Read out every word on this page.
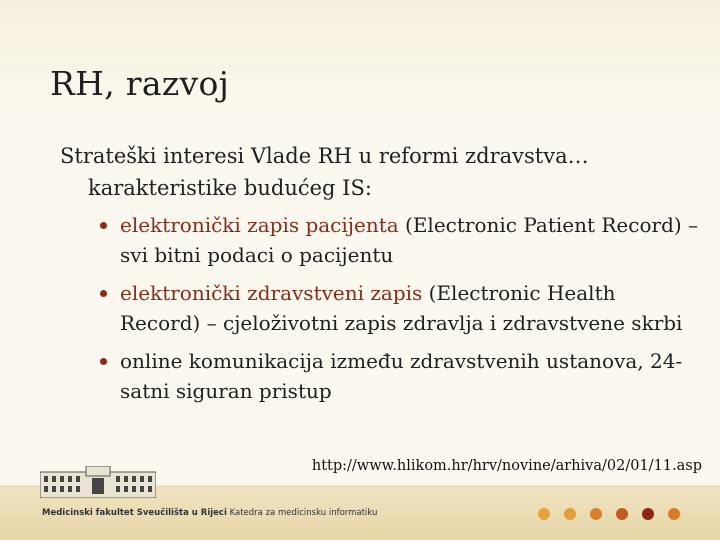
RH, razvoj

Strateški interesi Vlade RH u reformi zdravstva… karakteristike budućeg IS:

elektronički zapis pacijenta (Electronic Patient Record) – svi bitni podaci o pacijentu
elektronički zdravstveni zapis (Electronic Health Record) – cjeloživotni zapis zdravlja i zdravstvene skrbi
online komunikacija između zdravstvenih ustanova, 24-satni siguran pristup
http://www.hlikom.hr/hrv/novine/arhiva/02/01/11.asp
Medicinski fakultet Sveučilišta u Rijeci Katedra za medicinsku informatiku
